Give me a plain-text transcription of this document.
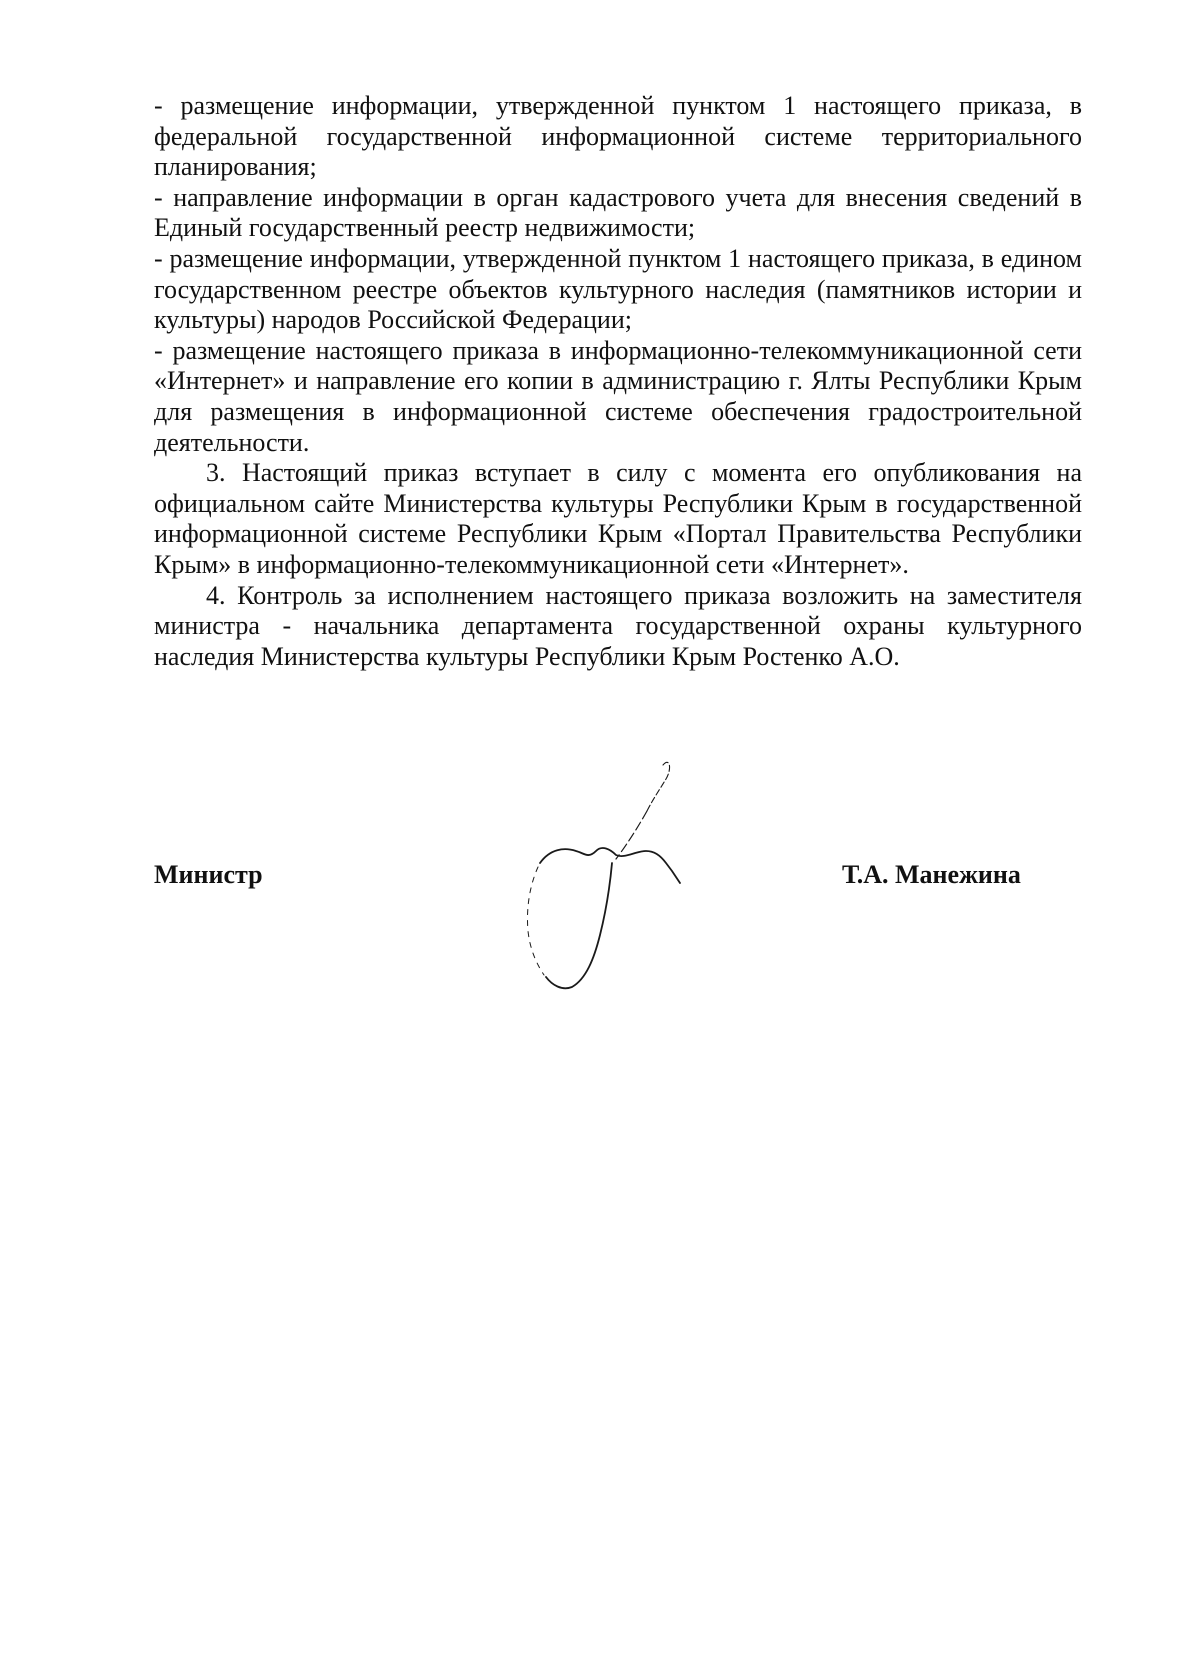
- размещение информации, утвержденной пунктом 1 настоящего приказа, в федеральной государственной информационной системе территориального планирования;

- направление информации в орган кадастрового учета для внесения сведений в Единый государственный реестр недвижимости;

- размещение информации, утвержденной пунктом 1 настоящего приказа, в едином государственном реестре объектов культурного наследия (памятников истории и культуры) народов Российской Федерации;

- размещение настоящего приказа в информационно-телекоммуникационной сети «Интернет» и направление его копии в администрацию г. Ялты Республики Крым для размещения в информационной системе обеспечения градостроительной деятельности.

3. Настоящий приказ вступает в силу с момента его опубликования на официальном сайте Министерства культуры Республики Крым в государственной информационной системе Республики Крым «Портал Правительства Республики Крым» в информационно-телекоммуникационной сети «Интернет».

4. Контроль за исполнением настоящего приказа возложить на заместителя министра - начальника департамента государственной охраны культурного наследия Министерства культуры Республики Крым Ростенко А.О.

Министр	Т.А. Манежина
